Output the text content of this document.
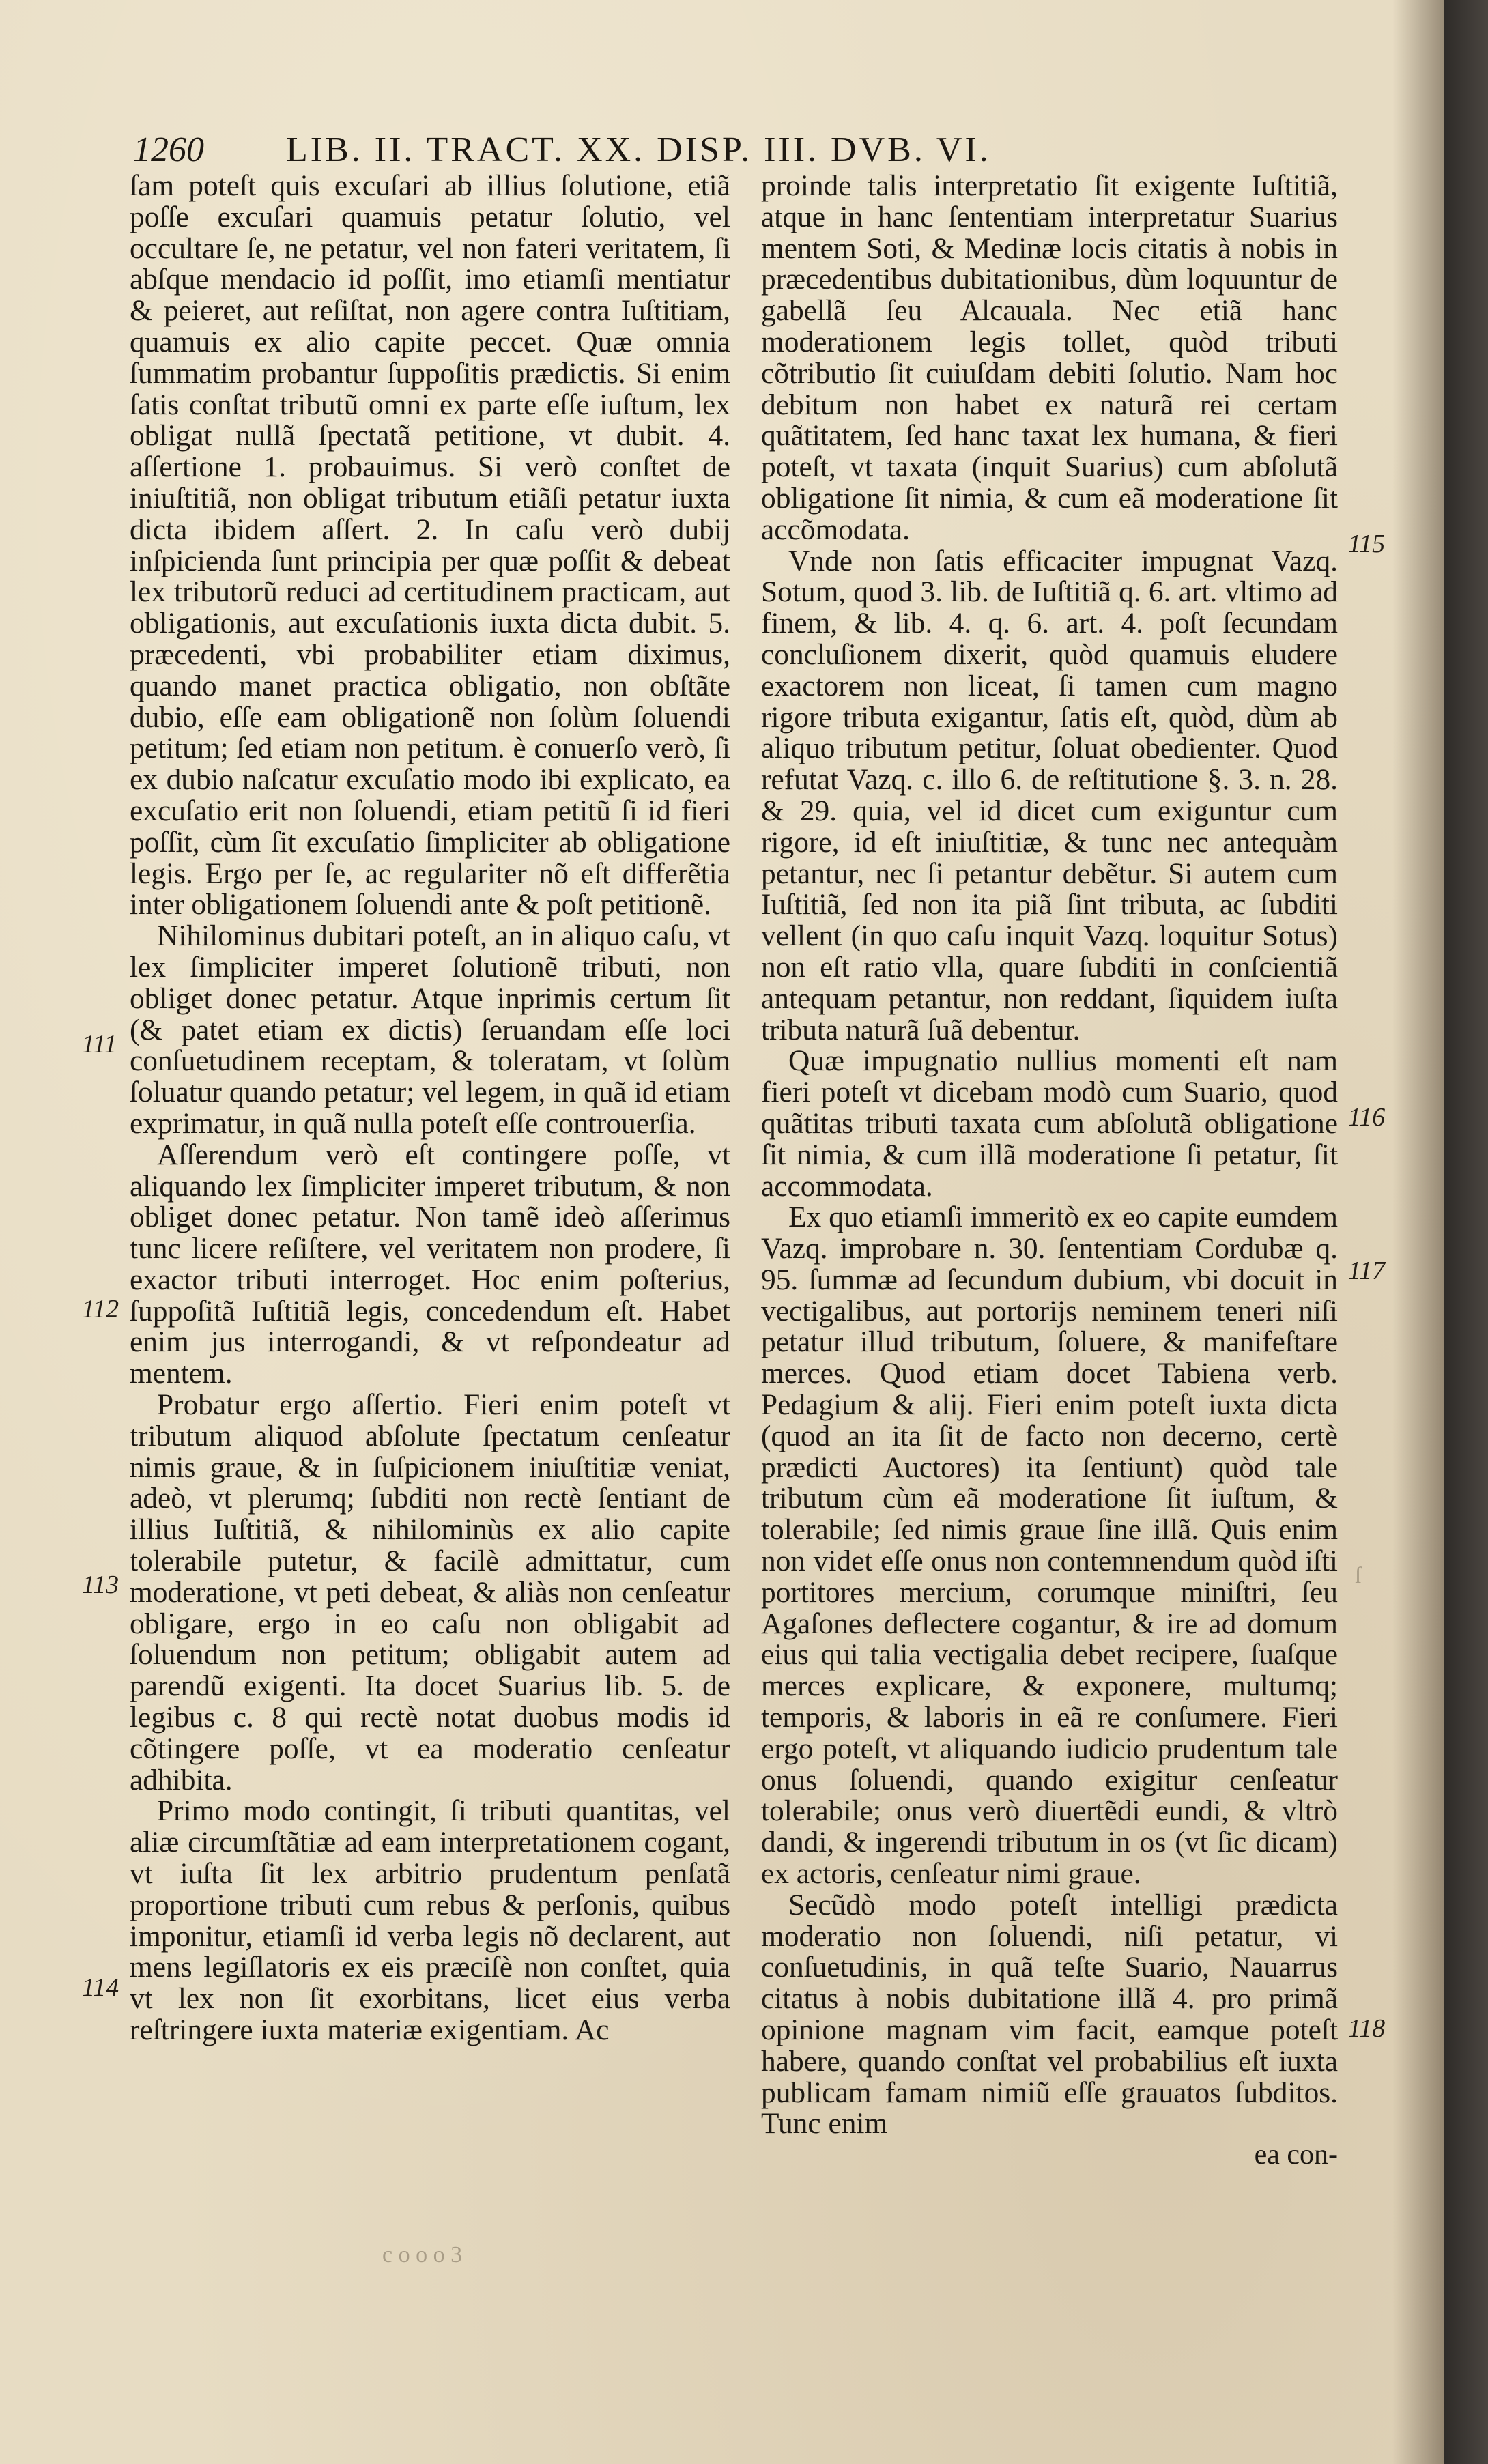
1260 LIB. II. TRACT. XX. DISP. III. DVB. VI.

ſam poteſt quis excuſari ab illius ſolutione, etiã poſſe excuſari quamuis petatur ſolutio, vel occultare ſe, ne petatur, vel non fateri veritatem, ſi abſque mendacio id poſſit, imo etiamſi mentiatur & peieret, aut reſiſtat, non agere contra Iuſtitiam, quamuis ex alio capite peccet. Quæ omnia ſummatim probantur ſuppoſitis prædictis. Si enim ſatis conſtat tributũ omni ex parte eſſe iuſtum, lex obligat nullã ſpectatã petitione, vt dubit. 4. aſſertione 1. probauimus. Si verò conſtet de iniuſtitiã, non obligat tributum etiãſi petatur iuxta dicta ibidem aſſert. 2. In caſu verò dubij inſpicienda ſunt principia per quæ poſſit & debeat lex tributorũ reduci ad certitudinem practicam, aut obligationis, aut excuſationis iuxta dicta dubit. 5. præcedenti, vbi probabiliter etiam diximus, quando manet practica obligatio, non obſtãte dubio, eſſe eam obligationẽ non ſolùm ſoluendi petitum; ſed etiam non petitum. è conuerſo verò, ſi ex dubio naſcatur excuſatio modo ibi explicato, ea excuſatio erit non ſoluendi, etiam petitũ ſi id fieri poſſit, cùm ſit excuſatio ſimpliciter ab obligatione legis. Ergo per ſe, ac regulariter nõ eſt differẽtia inter obligationem ſoluendi ante & poſt petitionẽ.

Nihilominus dubitari poteſt, an in aliquo caſu, vt lex ſimpliciter imperet ſolutionẽ tributi, non obliget donec petatur. Atque inprimis certum ſit (& patet etiam ex dictis) ſeruandam eſſe loci conſuetudinem receptam, & toleratam, vt ſolùm ſoluatur quando petatur; vel legem, in quã id etiam exprimatur, in quã nulla poteſt eſſe controuerſia.

Aſſerendum verò eſt contingere poſſe, vt aliquando lex ſimpliciter imperet tributum, & non obliget donec petatur. Non tamẽ ideò aſſerimus tunc licere reſiſtere, vel veritatem non prodere, ſi exactor tributi interroget. Hoc enim poſterius, ſuppoſitã Iuſtitiã legis, concedendum eſt. Habet enim jus interrogandi, & vt reſpondeatur ad mentem.

Probatur ergo aſſertio. Fieri enim poteſt vt tributum aliquod abſolute ſpectatum cenſeatur nimis graue, & in ſuſpicionem iniuſtitiæ veniat, adeò, vt plerumq; ſubditi non rectè ſentiant de illius Iuſtitiã, & nihilominùs ex alio capite tolerabile putetur, & facilè admittatur, cum moderatione, vt peti debeat, & aliàs non cenſeatur obligare, ergo in eo caſu non obligabit ad ſoluendum non petitum; obligabit autem ad parendũ exigenti. Ita docet Suarius lib. 5. de legibus c. 8 qui rectè notat duobus modis id cõtingere poſſe, vt ea moderatio cenſeatur adhibita.

Primo modo contingit, ſi tributi quantitas, vel aliæ circumſtãtiæ ad eam interpretationem cogant, vt iuſta ſit lex arbitrio prudentum penſatã proportione tributi cum rebus & perſonis, quibus imponitur, etiamſi id verba legis nõ declarent, aut mens legiſlatoris ex eis præciſè non conſtet, quia vt lex non ſit exorbitans, licet eius verba reſtringere iuxta materiæ exigentiam. Ac

proinde talis interpretatio ſit exigente Iuſtitiã, atque in hanc ſententiam interpretatur Suarius mentem Soti, & Medinæ locis citatis à nobis in præcedentibus dubitationibus, dùm loquuntur de gabellã ſeu Alcauala. Nec etiã hanc moderationem legis tollet, quòd tributi cõtributio ſit cuiuſdam debiti ſolutio. Nam hoc debitum non habet ex naturã rei certam quãtitatem, ſed hanc taxat lex humana, & fieri poteſt, vt taxata (inquit Suarius) cum abſolutã obligatione ſit nimia, & cum eã moderatione ſit accõmodata.

Vnde non ſatis efficaciter impugnat Vazq. Sotum, quod 3. lib. de Iuſtitiã q. 6. art. vltimo ad finem, & lib. 4. q. 6. art. 4. poſt ſecundam concluſionem dixerit, quòd quamuis eludere exactorem non liceat, ſi tamen cum magno rigore tributa exigantur, ſatis eſt, quòd, dùm ab aliquo tributum petitur, ſoluat obedienter. Quod refutat Vazq. c. illo 6. de reſtitutione §. 3. n. 28. & 29. quia, vel id dicet cum exiguntur cum rigore, id eſt iniuſtitiæ, & tunc nec antequàm petantur, nec ſi petantur debẽtur. Si autem cum Iuſtitiã, ſed non ita piã ſint tributa, ac ſubditi vellent (in quo caſu inquit Vazq. loquitur Sotus) non eſt ratio vlla, quare ſubditi in conſcientiã antequam petantur, non reddant, ſiquidem iuſta tributa naturã ſuã debentur.

Quæ impugnatio nullius momenti eſt nam fieri poteſt vt dicebam modò cum Suario, quod quãtitas tributi taxata cum abſolutã obligatione ſit nimia, & cum illã moderatione ſi petatur, ſit accommodata.

Ex quo etiamſi immeritò ex eo capite eumdem Vazq. improbare n. 30. ſententiam Cordubæ q. 95. ſummæ ad ſecundum dubium, vbi docuit in vectigalibus, aut portorijs neminem teneri niſi petatur illud tributum, ſoluere, & manifeſtare merces. Quod etiam docet Tabiena verb. Pedagium & alij. Fieri enim poteſt iuxta dicta (quod an ita ſit de facto non decerno, certè prædicti Auctores) ita ſentiunt) quòd tale tributum cùm eã moderatione ſit iuſtum, & tolerabile; ſed nimis graue ſine illã. Quis enim non videt eſſe onus non contemnendum quòd iſti portitores mercium, corumque miniſtri, ſeu Agaſones deflectere cogantur, & ire ad domum eius qui talia vectigalia debet recipere, ſuaſque merces explicare, & exponere, multumq; temporis, & laboris in eã re conſumere. Fieri ergo poteſt, vt aliquando iudicio prudentum tale onus ſoluendi, quando exigitur cenſeatur tolerabile; onus verò diuertẽdi eundi, & vltrò dandi, & ingerendi tributum in os (vt ſic dicam) ex actoris, cenſeatur nimi graue.

Secũdò modo poteſt intelligi prædicta moderatio non ſoluendi, niſi petatur, vi conſuetudinis, in quã teſte Suario, Nauarrus citatus à nobis dubitatione illã 4. pro primã opinione magnam vim facit, eamque poteſt habere, quando conſtat vel probabilius eſt iuxta publicam famam nimiũ eſſe grauatos ſubditos. Tunc enim

ea con-

111
112
113
114
115
116
117
118
c o o o 3
ſ
